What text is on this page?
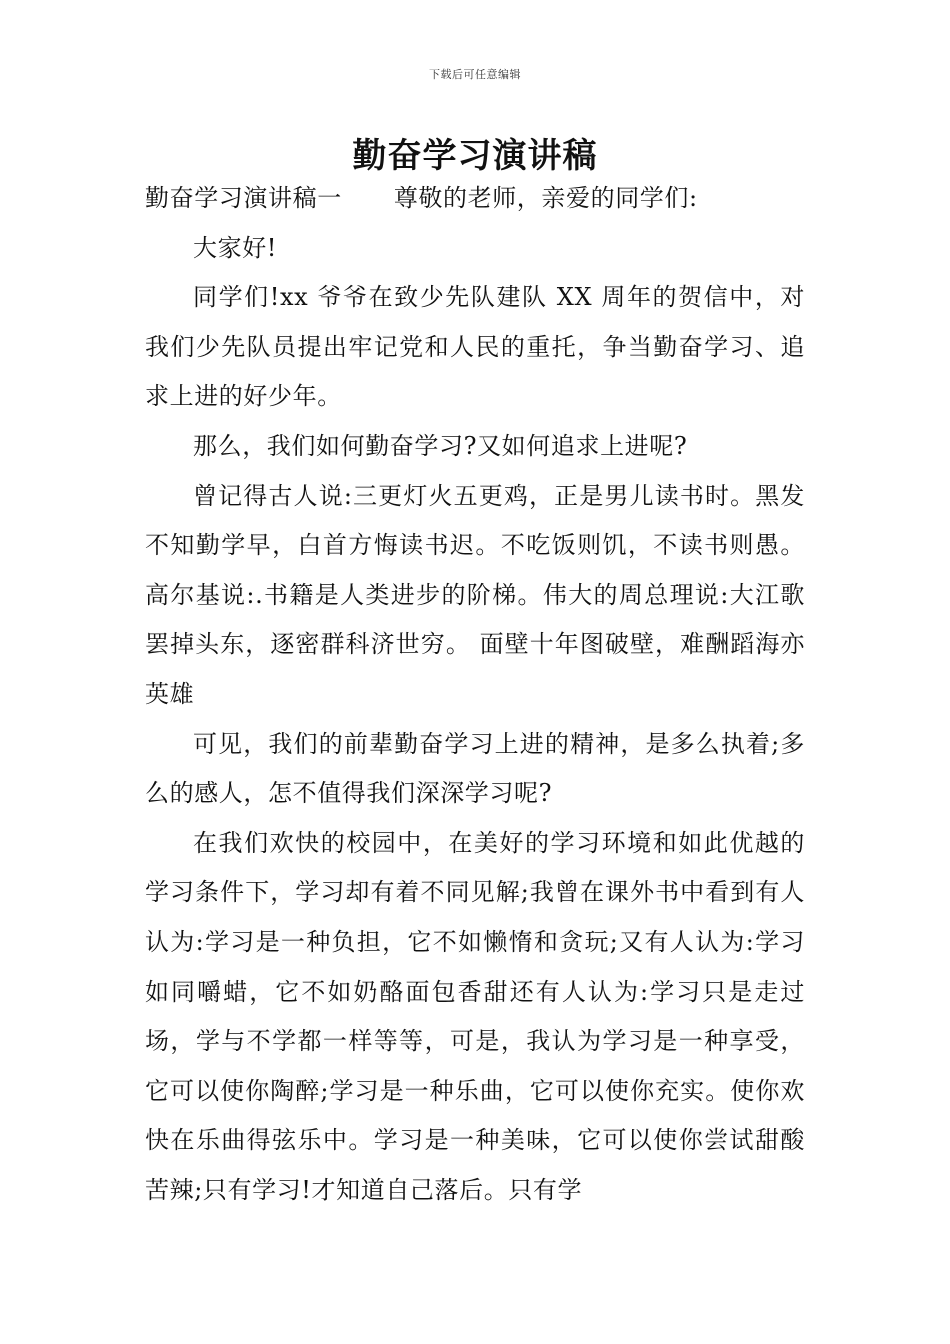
下载后可任意编辑
勤奋学习演讲稿

勤奋学习演讲稿一 尊敬的老师，亲爱的同学们:

大家好!

同学们!xx 爷爷在致少先队建队 XX 周年的贺信中，对我们少先队员提出牢记党和人民的重托，争当勤奋学习、追求上进的好少年。

那么，我们如何勤奋学习?又如何追求上进呢?

曾记得古人说:三更灯火五更鸡，正是男儿读书时。黑发不知勤学早，白首方悔读书迟。不吃饭则饥，不读书则愚。高尔基说:.书籍是人类进步的阶梯。伟大的周总理说:大江歌罢掉头东，逐密群科济世穷。 面壁十年图破壁，难酬蹈海亦英雄

可见，我们的前辈勤奋学习上进的精神，是多么执着;多么的感人，怎不值得我们深深学习呢?

在我们欢快的校园中，在美好的学习环境和如此优越的学习条件下，学习却有着不同见解;我曾在课外书中看到有人认为:学习是一种负担，它不如懒惰和贪玩;又有人认为:学习如同嚼蜡，它不如奶酪面包香甜还有人认为:学习只是走过场，学与不学都一样等等，可是，我认为学习是一种享受，它可以使你陶醉;学习是一种乐曲，它可以使你充实。使你欢快在乐曲得弦乐中。学习是一种美味，它可以使你尝试甜酸苦辣;只有学习!才知道自己落后。只有学
